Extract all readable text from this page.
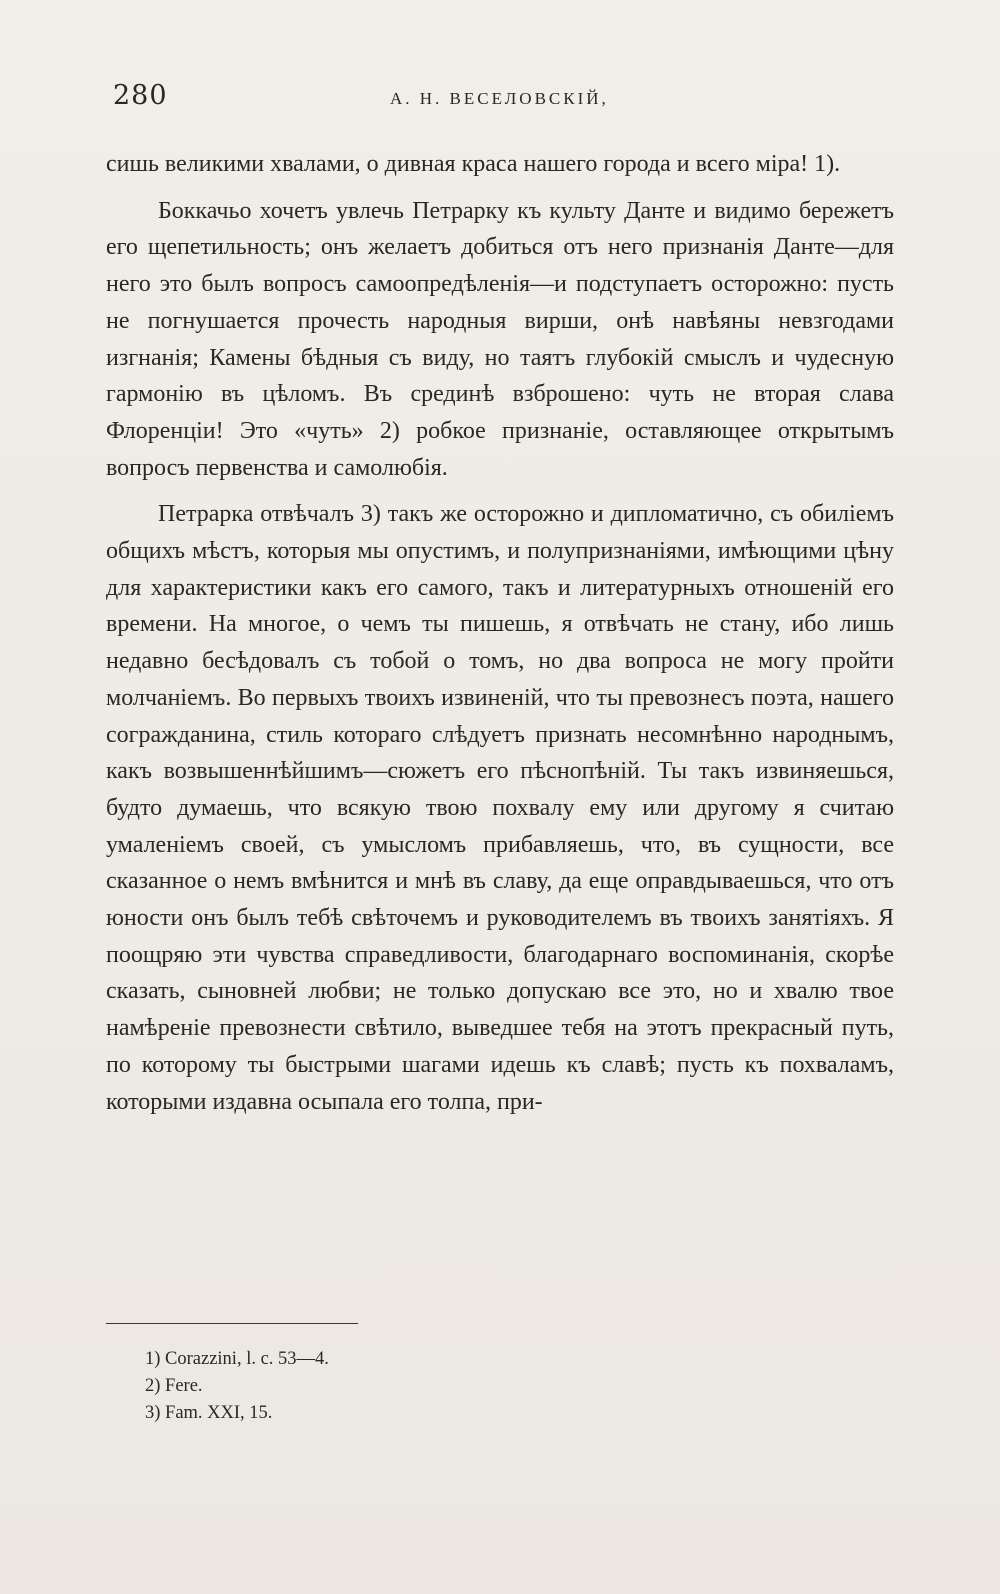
280	А. Н. ВЕСЕЛОВСКІЙ,

сишь великими хвалами, о дивная краса нашего города и всего міра! 1).

Боккачьо хочетъ увлечь Петрарку къ культу Данте и видимо бережетъ его щепетильность; онъ желаетъ добиться отъ него признанія Данте—для него это былъ вопросъ самоопредѣленія—и подступаетъ осторожно: пусть не погнушается прочесть народныя вирши, онѣ навѣяны невзгодами изгнанія; Камены бѣдныя съ виду, но таятъ глубокій смыслъ и чудесную гармонію въ цѣломъ. Въ срединѣ взброшено: чуть не вторая слава Флоренціи! Это «чуть» 2) робкое признаніе, оставляющее открытымъ вопросъ первенства и самолюбія.

Петрарка отвѣчалъ 3) такъ же осторожно и дипломатично, съ обиліемъ общихъ мѣстъ, которыя мы опустимъ, и полупризнаніями, имѣющими цѣну для характеристики какъ его самого, такъ и литературныхъ отношеній его времени. На многое, о чемъ ты пишешь, я отвѣчать не стану, ибо лишь недавно бесѣдовалъ съ тобой о томъ, но два вопроса не могу пройти молчаніемъ. Во первыхъ твоихъ извиненій, что ты превознесъ поэта, нашего согражданина, стиль котораго слѣдуетъ признать несомнѣнно народнымъ, какъ возвышеннѣйшимъ—сюжетъ его пѣснопѣній. Ты такъ извиняешься, будто думаешь, что всякую твою похвалу ему или другому я считаю умаленіемъ своей, съ умысломъ прибавляешь, что, въ сущности, все сказанное о немъ вмѣнится и мнѣ въ славу, да еще оправдываешься, что отъ юности онъ былъ тебѣ свѣточемъ и руководителемъ въ твоихъ занятіяхъ. Я поощряю эти чувства справедливости, благодарнаго воспоминанія, скорѣе сказать, сыновней любви; не только допускаю все это, но и хвалю твое намѣреніе превознести свѣтило, выведшее тебя на этотъ прекрасный путь, по которому ты быстрыми шагами идешь къ славѣ; пусть къ похваламъ, которыми издавна осыпала его толпа, при-

1) Corazzini, l. c. 53—4.
2) Fere.
3) Fam. XXI, 15.
